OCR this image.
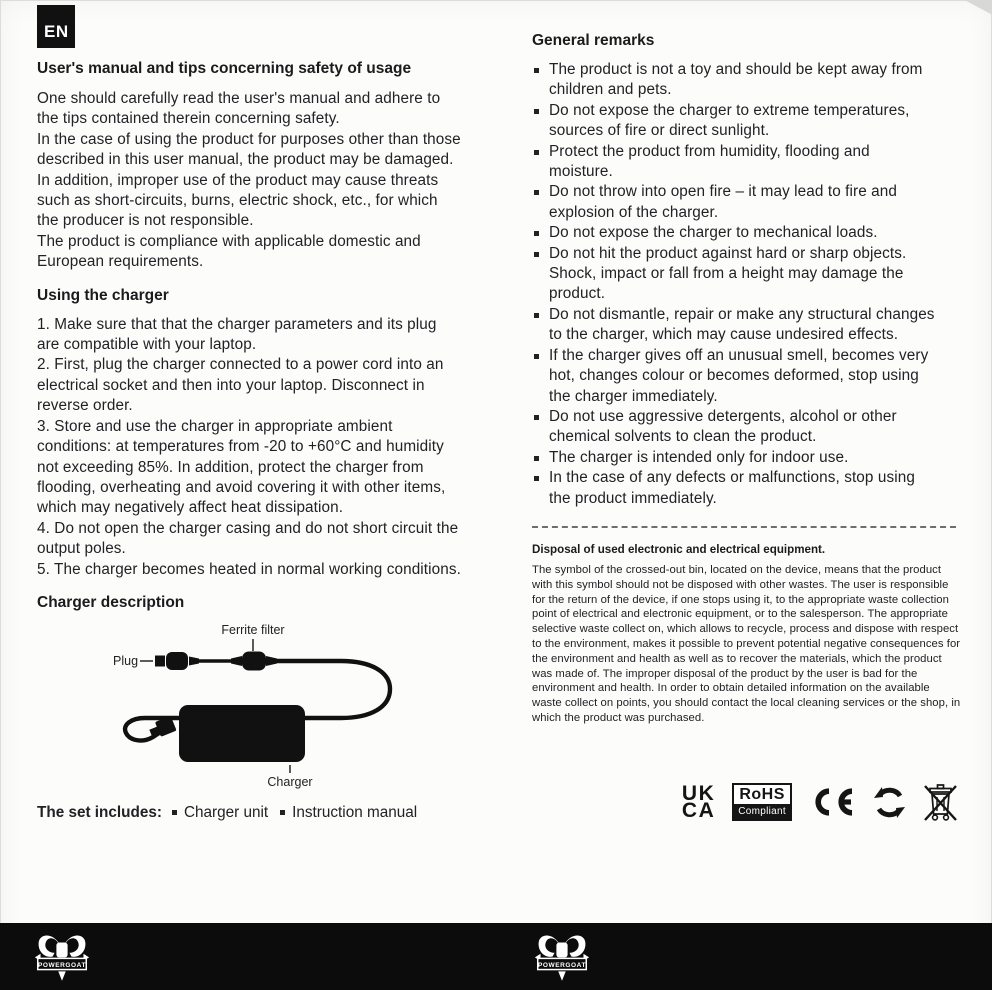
EN
User's manual and tips concerning safety of usage
One should carefully read the user's manual and adhere to the tips contained therein concerning safety.
In the case of using the product for purposes other than those described in this user manual, the product may be damaged. In addition, improper use of the product may cause threats such as short-circuits, burns, electric shock, etc., for which the producer is not responsible.
The product is compliance with applicable domestic and European requirements.
Using the charger
1. Make sure that that the charger parameters and its plug are compatible with your laptop.
2. First, plug the charger connected to a power cord into an electrical socket and then into your laptop. Disconnect in reverse order.
3. Store and use the charger in appropriate ambient conditions: at temperatures from -20 to +60°C and humidity not exceeding 85%. In addition, protect the charger from flooding, overheating and avoid covering it with other items, which may negatively affect heat dissipation.
4. Do not open the charger casing and do not short circuit the output poles.
5. The charger becomes heated in normal working conditions.
Charger description
Ferrite filter
Plug
Charger
The set includes:	Charger unit	Instruction manual
General remarks
The product is not a toy and should be kept away from children and pets.
Do not expose the charger to extreme temperatures, sources of fire or direct sunlight.
Protect the product from humidity, flooding and moisture.
Do not throw into open fire – it may lead to fire and explosion of the charger.
Do not expose the charger to mechanical loads.
Do not hit the product against hard or sharp objects. Shock, impact or fall from a height may damage the product.
Do not dismantle, repair or make any structural changes to the charger, which may cause undesired effects.
If the charger gives off an unusual smell, becomes very hot, changes colour or becomes deformed, stop using the charger immediately.
Do not use aggressive detergents, alcohol or other chemical solvents to clean the product.
The charger is intended only for indoor use.
In the case of any defects or malfunctions, stop using the product immediately.
Disposal of used electronic and electrical equipment.
The symbol of the crossed-out bin, located on the device, means that the product with this symbol should not be disposed with other wastes. The user is responsible for the return of the device, if one stops using it, to the appropriate waste collection point of electrical and electronic equipment, or to the salesperson. The appropriate selective waste collect on, which allows to recycle, process and dispose with respect to the environment, makes it possible to prevent potential negative consequences for the environment and health as well as to recover the materials, which the product was made of. The improper disposal of the product by the user is bad for the environment and health. In order to obtain detailed information on the available waste collect on points, you should contact the local cleaning services or the shop, in which the product was purchased.
UK
CA
RoHS
Compliant
POWERGOAT	POWERGOAT
